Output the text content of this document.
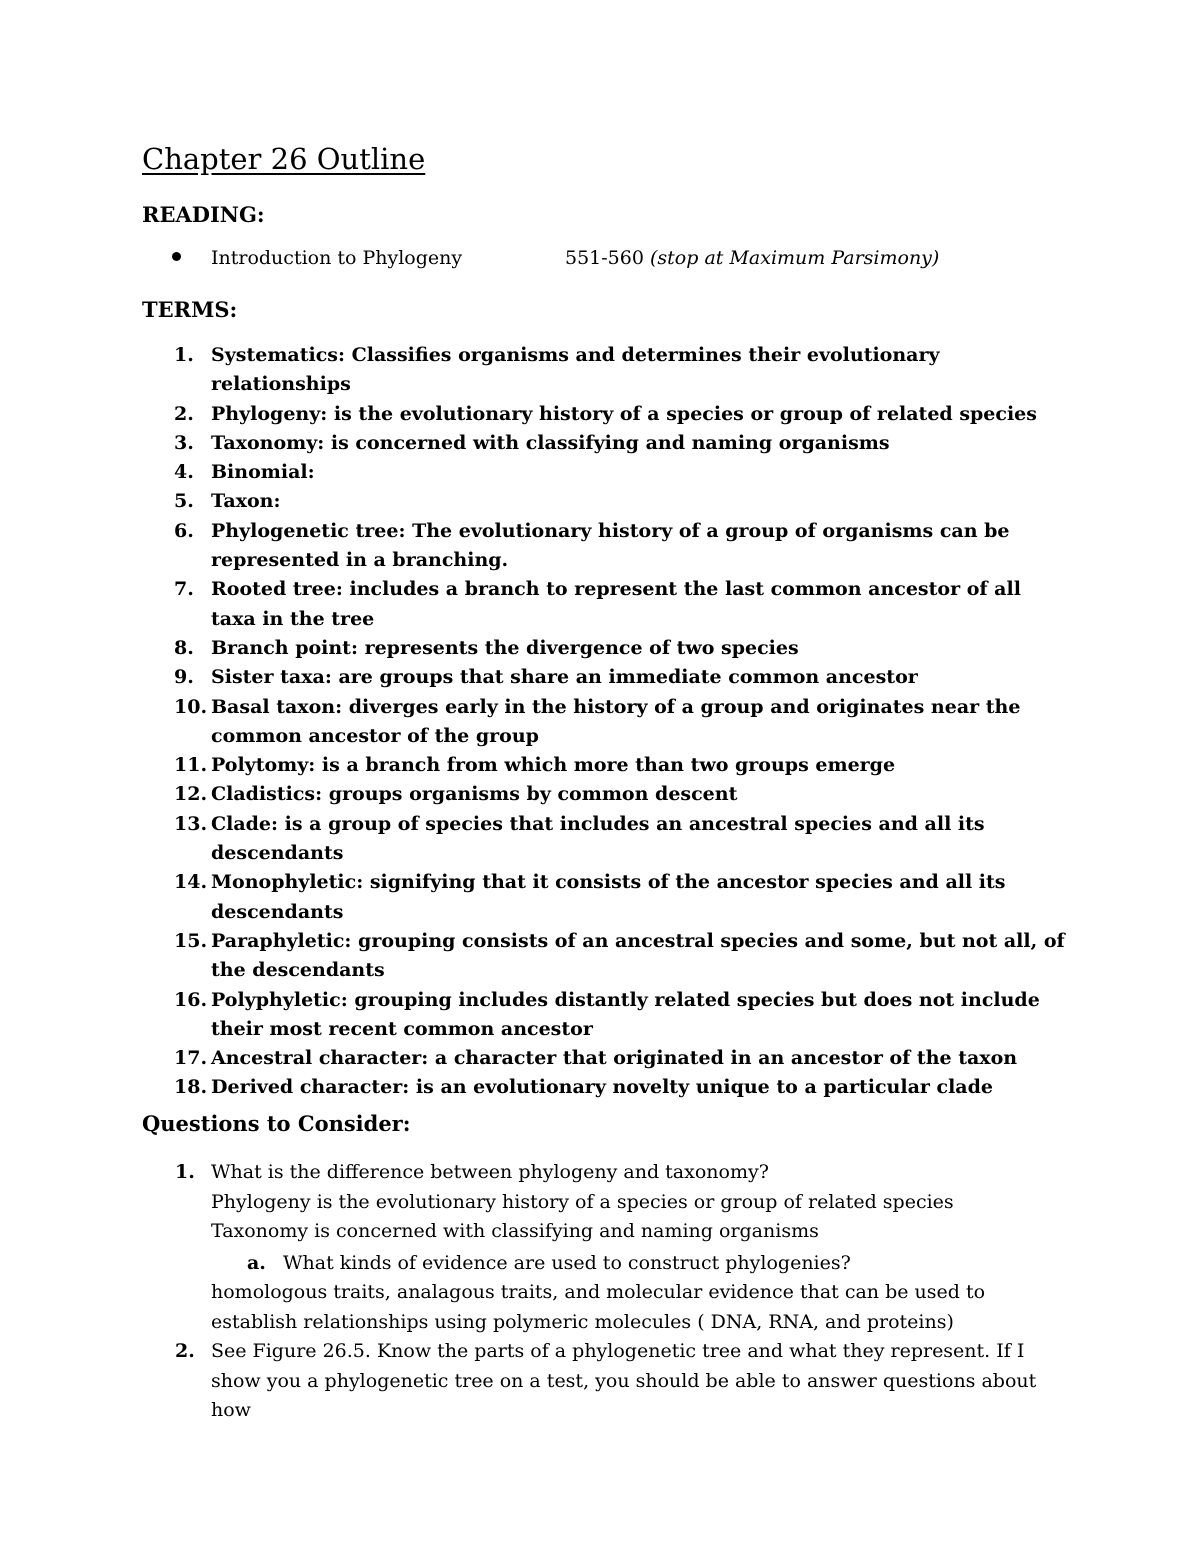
Chapter 26 Outline
READING:
Introduction to Phylogeny	551-560 (stop at Maximum Parsimony)
TERMS:
1. Systematics: Classifies organisms and determines their evolutionary relationships
2. Phylogeny: is the evolutionary history of a species or group of related species
3. Taxonomy: is concerned with classifying and naming organisms
4. Binomial:
5. Taxon:
6. Phylogenetic tree: The evolutionary history of a group of organisms can be represented in a branching.
7. Rooted tree: includes a branch to represent the last common ancestor of all taxa in the tree
8. Branch point: represents the divergence of two species
9. Sister taxa: are groups that share an immediate common ancestor
10. Basal taxon: diverges early in the history of a group and originates near the common ancestor of the group
11. Polytomy: is a branch from which more than two groups emerge
12. Cladistics: groups organisms by common descent
13. Clade: is a group of species that includes an ancestral species and all its descendants
14. Monophyletic: signifying that it consists of the ancestor species and all its descendants
15. Paraphyletic: grouping consists of an ancestral species and some, but not all, of the descendants
16. Polyphyletic: grouping includes distantly related species but does not include their most recent common ancestor
17. Ancestral character: a character that originated in an ancestor of the taxon
18. Derived character: is an evolutionary novelty unique to a particular clade
Questions to Consider:
1. What is the difference between phylogeny and taxonomy?
Phylogeny is the evolutionary history of a species or group of related species
Taxonomy is concerned with classifying and naming organisms
a. What kinds of evidence are used to construct phylogenies?
homologous traits, analagous traits, and molecular evidence that can be used to establish relationships using polymeric molecules ( DNA, RNA, and proteins)
2. See Figure 26.5. Know the parts of a phylogenetic tree and what they represent. If I show you a phylogenetic tree on a test, you should be able to answer questions about how
